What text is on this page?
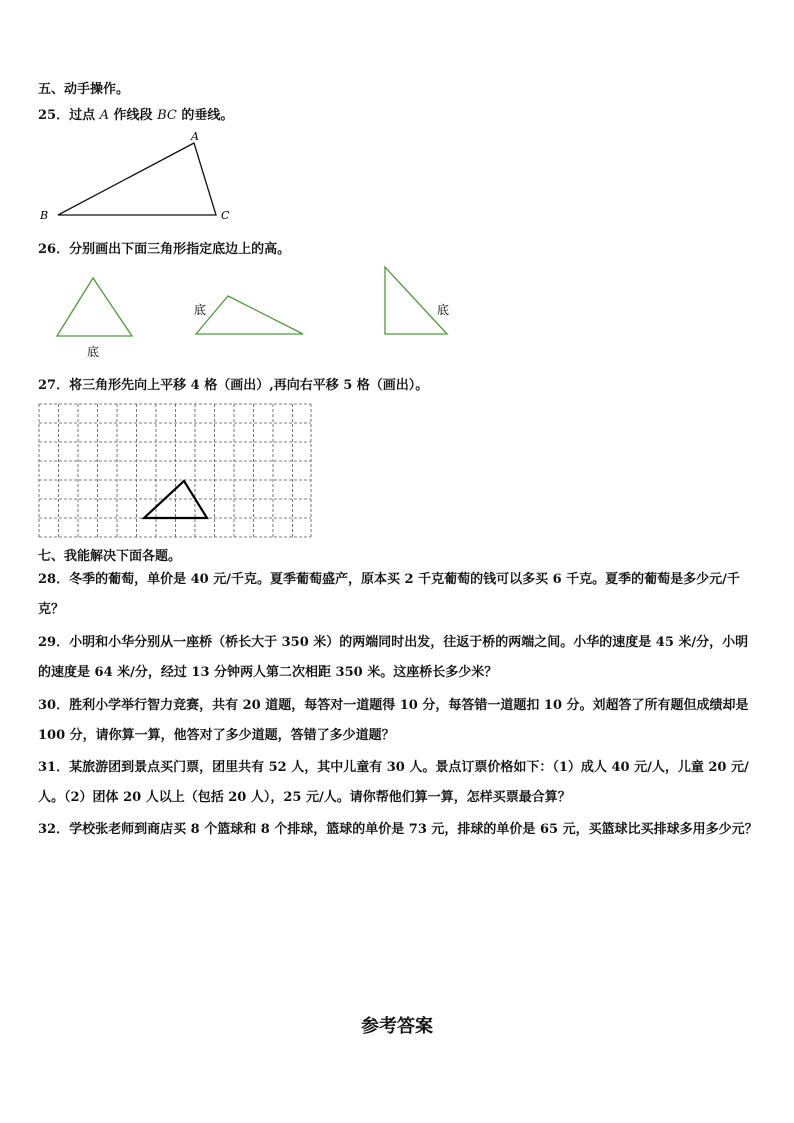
五、动手操作。
25．过点 A 作线段 BC 的垂线。
A
B	C
26．分别画出下面三角形指定底边上的高。
底
底	底
27．将三角形先向上平移 4 格（画出）,再向右平移 5 格（画出）。
七、我能解决下面各题。
28．冬季的葡萄，单价是 40 元/千克。夏季葡萄盛产，原本买 2 千克葡萄的钱可以多买 6 千克。夏季的葡萄是多少元/千克？
29．小明和小华分别从一座桥（桥长大于 350 米）的两端同时出发，往返于桥的两端之间。小华的速度是 45 米/分，小明的速度是 64 米/分，经过 13 分钟两人第二次相距 350 米。这座桥长多少米？
30．胜利小学举行智力竞赛，共有 20 道题，每答对一道题得 10 分，每答错一道题扣 10 分。刘超答了所有题但成绩却是 100 分，请你算一算，他答对了多少道题，答错了多少道题？
31．某旅游团到景点买门票，团里共有 52 人，其中儿童有 30 人。景点订票价格如下：（1）成人 40 元/人，儿童 20 元/人。（2）团体 20 人以上（包括 20 人），25 元/人。请你帮他们算一算，怎样买票最合算？
32．学校张老师到商店买 8 个篮球和 8 个排球，篮球的单价是 73 元，排球的单价是 65 元，买篮球比买排球多用多少元？
参考答案
